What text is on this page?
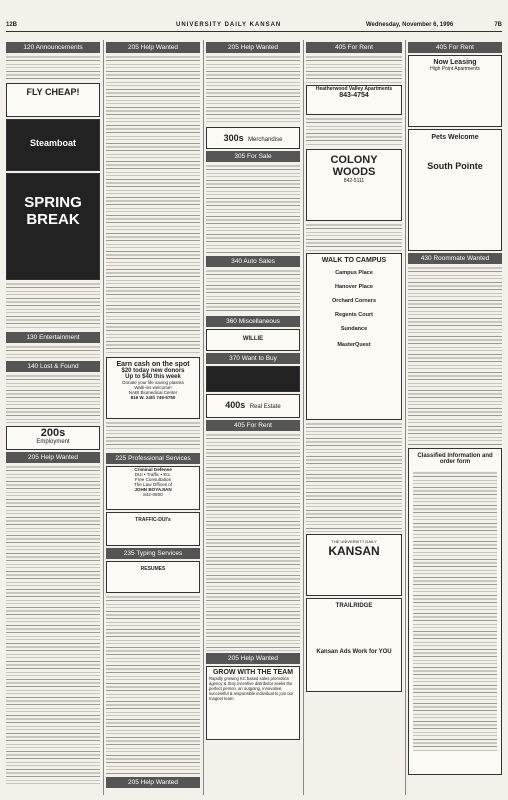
12B	UNIVERSITY DAILY KANSAN	Wednesday, November 6, 1996	7B
120 Announcements
FLY CHEAP!
Steamboat
SPRING
BREAK
130 Entertainment
140 Lost & Found
200s
Employment
205 Help Wanted
205 Help Wanted
Earn cash on the spot
$20 today new donors
Up to $40 this week
Donate your life saving plasma
Walk-ins welcome!
NABI Biomedical Center
816 W. 24th 749-5750
225 Professional Services
Criminal Defense
DUI • Traffic • Etc.
Free Consultation
The Law Offices of
JOHN BOYAJIAN
842-0800
TRAFFIC-DUI's
235 Typing Services
RESUMES
205 Help Wanted
205 Help Wanted
300s Merchandise
305 For Sale
340 Auto Sales
360 Miscellaneous
WILLIE
370 Want to Buy
400s Real Estate
405 For Rent
205 Help Wanted
GROW WITH THE TEAM
Rapidly growing KC based sales promotion agency & Stoy incentive distributor seeks the perfect person, an outgoing, innovative, successful & responsible individual to join our magnet team.
405 For Rent
Heatherwood Valley Apartments
843-4754
COLONY
WOODS
842-5111
WALK TO CAMPUS
Campus Place
Hanover Place
Orchard Corners
Regents Court
Sundance
MasterQuest
THE UNIVERSITY DAILY
KANSAN
TRAILRIDGE
Kansan Ads Work for YOU
405 For Rent
Now Leasing
High Point Apartments
Pets Welcome
South Pointe
430 Roommate Wanted
Classified Information and order form
